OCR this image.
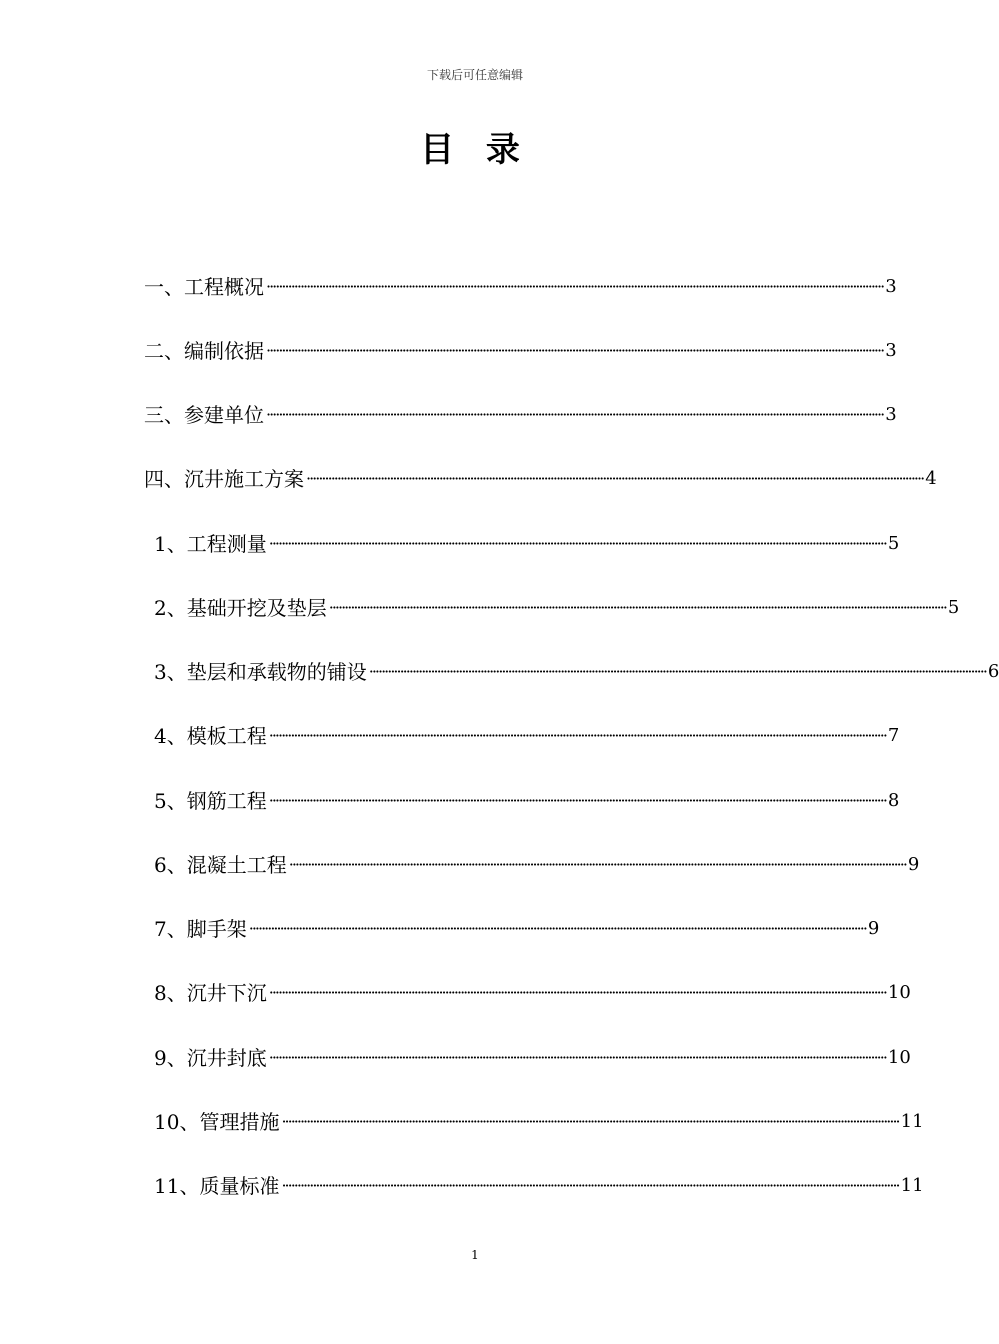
下载后可任意编辑
目 录
一、工程概况 ········································································································································································································ 3
二、编制依据 ········································································································································································································ 3
三、参建单位 ········································································································································································································ 3
四、沉井施工方案 ········································································································································································································ 4
1、工程测量 ········································································································································································································ 5
2、基础开挖及垫层 ········································································································································································································ 5
3、垫层和承载物的铺设 ········································································································································································································ 6
4、模板工程 ········································································································································································································ 7
5、钢筋工程 ········································································································································································································ 8
6、混凝土工程 ········································································································································································································ 9
7、脚手架 ········································································································································································································ 9
8、沉井下沉 ········································································································································································································ 10
9、沉井封底 ········································································································································································································ 10
10、管理措施 ········································································································································································································ 11
11、质量标准 ········································································································································································································ 11
1
